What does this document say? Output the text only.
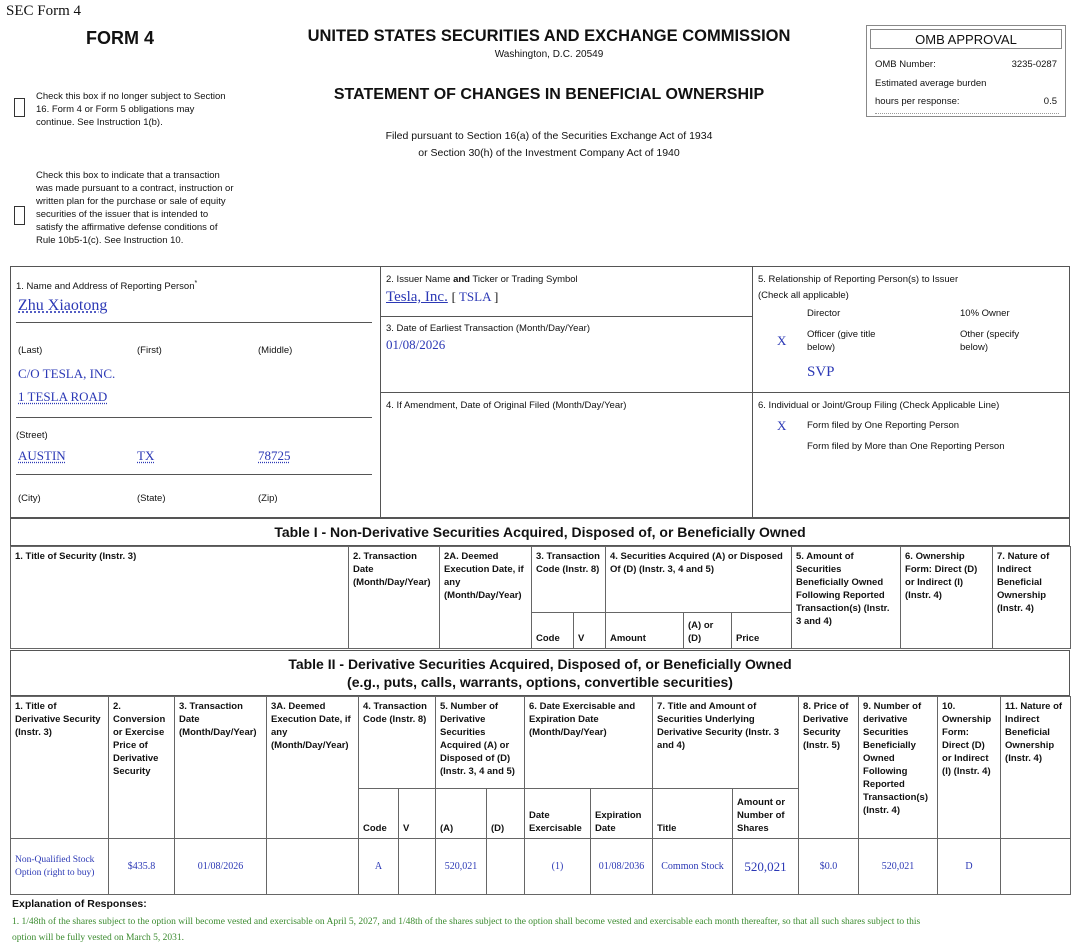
SEC Form 4
FORM 4	UNITED STATES SECURITIES AND EXCHANGE COMMISSION
Washington, D.C. 20549
STATEMENT OF CHANGES IN BENEFICIAL OWNERSHIP
Filed pursuant to Section 16(a) of the Securities Exchange Act of 1934
or Section 30(h) of the Investment Company Act of 1940
Check this box if no longer subject to Section 16. Form 4 or Form 5 obligations may continue. See Instruction 1(b).
Check this box to indicate that a transaction was made pursuant to a contract, instruction or written plan for the purchase or sale of equity securities of the issuer that is intended to satisfy the affirmative defense conditions of Rule 10b5-1(c). See Instruction 10.
OMB APPROVAL
OMB Number:	3235-0287
Estimated average burden
hours per response:	0.5
1. Name and Address of Reporting Person*
Zhu Xiaotong
(Last)	(First)	(Middle)
C/O TESLA, INC.
1 TESLA ROAD
(Street)
AUSTIN	TX	78725
(City)	(State)	(Zip)
2. Issuer Name and Ticker or Trading Symbol
Tesla, Inc. [ TSLA ]
3. Date of Earliest Transaction (Month/Day/Year)
01/08/2026
4. If Amendment, Date of Original Filed (Month/Day/Year)
5. Relationship of Reporting Person(s) to Issuer
(Check all applicable)
Director	10% Owner
X Officer (give title below)
Other (specify below)
SVP
6. Individual or Joint/Group Filing (Check Applicable Line)
X Form filed by One Reporting Person
Form filed by More than One Reporting Person
Table I - Non-Derivative Securities Acquired, Disposed of, or Beneficially Owned
1. Title of Security (Instr. 3)	2. Transaction Date (Month/Day/Year)	2A. Deemed Execution Date, if any (Month/Day/Year)	3. Transaction Code (Instr. 8)		4. Securities Acquired (A) or Disposed Of (D) (Instr. 3, 4 and 5)			5. Amount of Securities Beneficially Owned Following Reported Transaction(s) (Instr. 3 and 4)	6. Ownership Form: Direct (D) or Indirect (I) (Instr. 4)	7. Nature of Indirect Beneficial Ownership (Instr. 4)
			Code	V	Amount	(A) or (D)	Price			
Table II - Derivative Securities Acquired, Disposed of, or Beneficially Owned
(e.g., puts, calls, warrants, options, convertible securities)
1. Title of Derivative Security (Instr. 3)	2. Conversion or Exercise Price of Derivative Security	3. Transaction Date (Month/Day/Year)	3A. Deemed Execution Date, if any (Month/Day/Year)	4. Transaction Code (Instr. 8)		5. Number of Derivative Securities Acquired (A) or Disposed of (D) (Instr. 3, 4 and 5)		6. Date Exercisable and Expiration Date (Month/Day/Year)		7. Title and Amount of Securities Underlying Derivative Security (Instr. 3 and 4)		8. Price of Derivative Security (Instr. 5)	9. Number of derivative Securities Beneficially Owned Following Reported Transaction(s) (Instr. 4)	10. Ownership Form: Direct (D) or Indirect (I) (Instr. 4)	11. Nature of Indirect Beneficial Ownership (Instr. 4)
				Code	V	(A)	(D)	Date Exercisable	Expiration Date	Title	Amount or Number of Shares				
Non-Qualified Stock Option (right to buy)	$435.8	01/08/2026		A		520,021		(1)	01/08/2036	Common Stock	520,021	$0.0	520,021	D	
Explanation of Responses:
1. 1/48th of the shares subject to the option will become vested and exercisable on April 5, 2027, and 1/48th of the shares subject to the option shall become vested and exercisable each month thereafter, so that all such shares subject to this
option will be fully vested on March 5, 2031.
